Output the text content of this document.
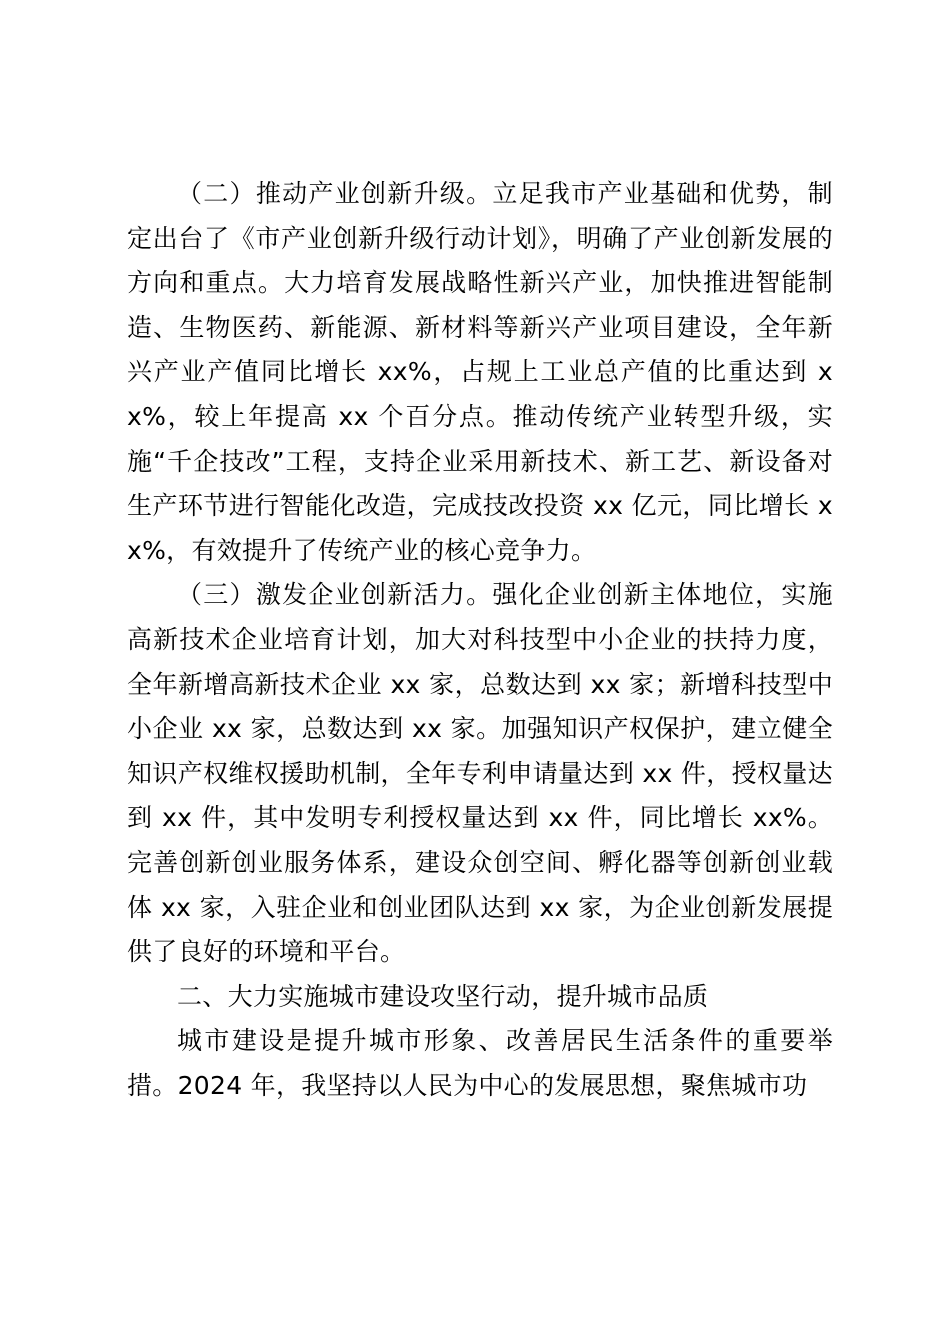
（二）推动产业创新升级。立足我市产业基础和优势，制定出台了《市产业创新升级行动计划》，明确了产业创新发展的方向和重点。大力培育发展战略性新兴产业，加快推进智能制造、生物医药、新能源、新材料等新兴产业项目建设，全年新兴产业产值同比增长 xx%，占规上工业总产值的比重达到 xx%，较上年提高 xx 个百分点。推动传统产业转型升级，实施“千企技改”工程，支持企业采用新技术、新工艺、新设备对生产环节进行智能化改造，完成技改投资 xx 亿元，同比增长 xx%，有效提升了传统产业的核心竞争力。

（三）激发企业创新活力。强化企业创新主体地位，实施高新技术企业培育计划，加大对科技型中小企业的扶持力度，全年新增高新技术企业 xx 家，总数达到 xx 家；新增科技型中小企业 xx 家，总数达到 xx 家。加强知识产权保护，建立健全知识产权维权援助机制，全年专利申请量达到 xx 件，授权量达到 xx 件，其中发明专利授权量达到 xx 件，同比增长 xx%。完善创新创业服务体系，建设众创空间、孵化器等创新创业载体 xx 家，入驻企业和创业团队达到 xx 家，为企业创新发展提供了良好的环境和平台。

二、大力实施城市建设攻坚行动，提升城市品质

城市建设是提升城市形象、改善居民生活条件的重要举措。2024 年，我坚持以人民为中心的发展思想，聚焦城市功
